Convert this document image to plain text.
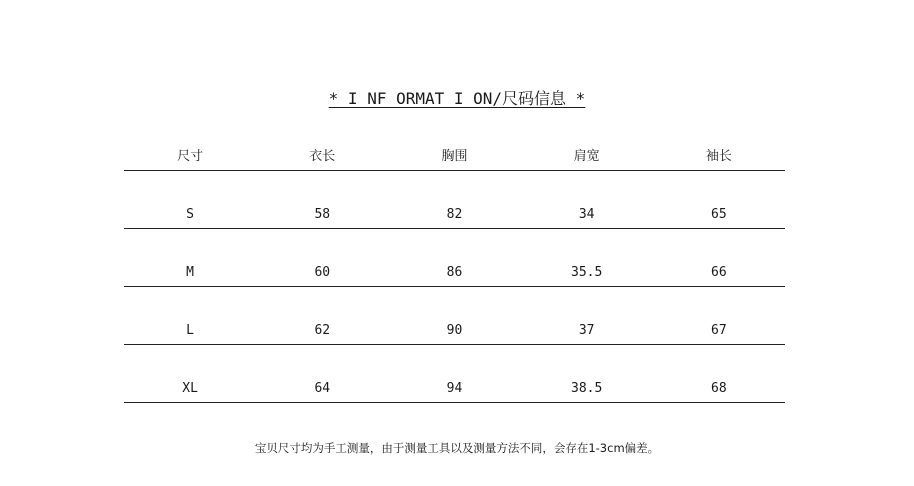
* I NF ORMAT I ON/尺码信息 *
尺寸	衣长	胸围	肩宽	袖长
S	58	82	34	65
M	60	86	35.5	66
L	62	90	37	67
XL	64	94	38.5	68
宝贝尺寸均为手工测量，由于测量工具以及测量方法不同，会存在1-3cm偏差。
